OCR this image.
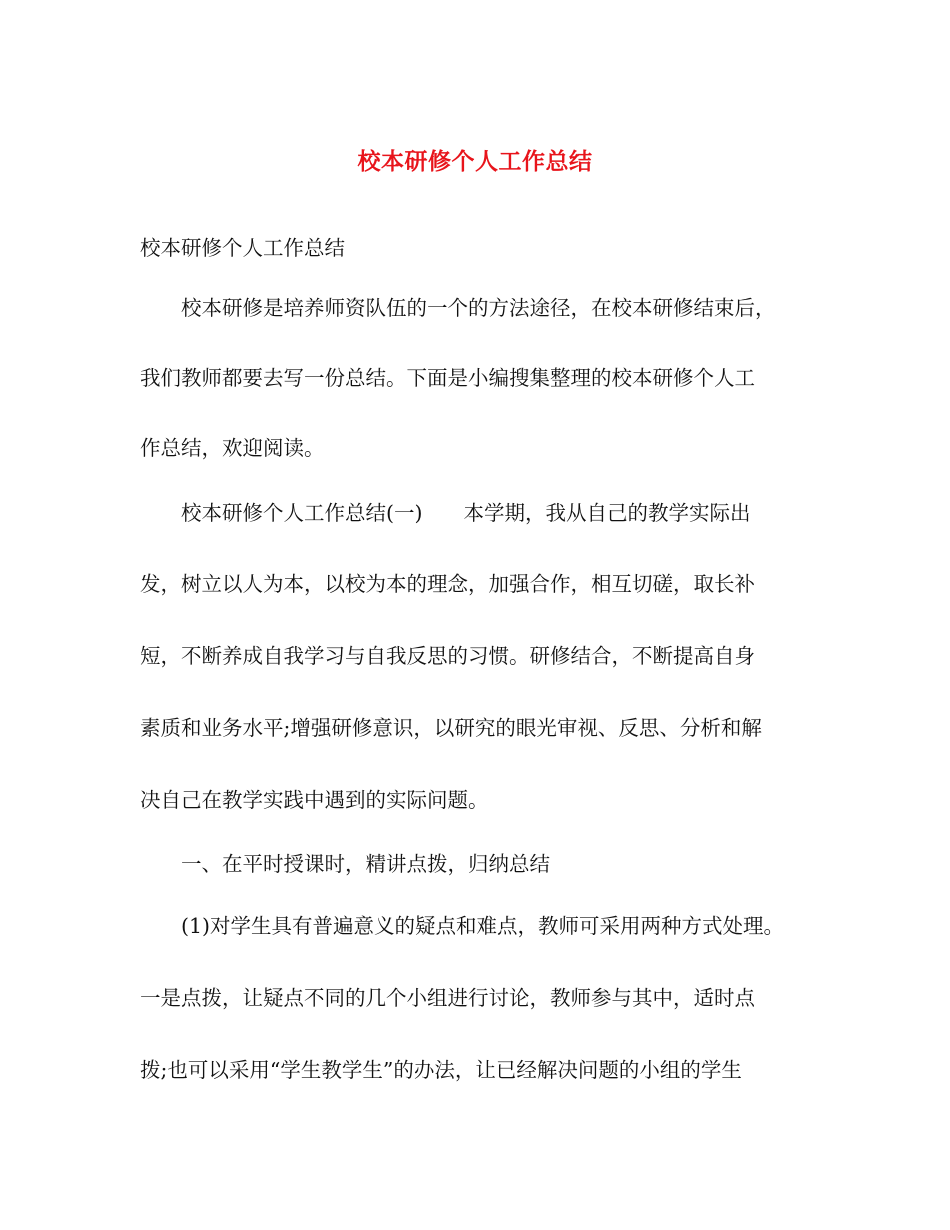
校本研修个人工作总结
校本研修个人工作总结
　　校本研修是培养师资队伍的一个的方法途径，在校本研修结束后，
我们教师都要去写一份总结。下面是小编搜集整理的校本研修个人工
作总结，欢迎阅读。
　　校本研修个人工作总结(一)　　本学期，我从自己的教学实际出
发，树立以人为本，以校为本的理念，加强合作，相互切磋，取长补
短，不断养成自我学习与自我反思的习惯。研修结合，不断提高自身
素质和业务水平;增强研修意识，以研究的眼光审视、反思、分析和解
决自己在教学实践中遇到的实际问题。
　　一、在平时授课时，精讲点拨，归纳总结
　　(1)对学生具有普遍意义的疑点和难点，教师可采用两种方式处理。
一是点拨，让疑点不同的几个小组进行讨论，教师参与其中，适时点
拨;也可以采用“学生教学生”的办法，让已经解决问题的小组的学生
